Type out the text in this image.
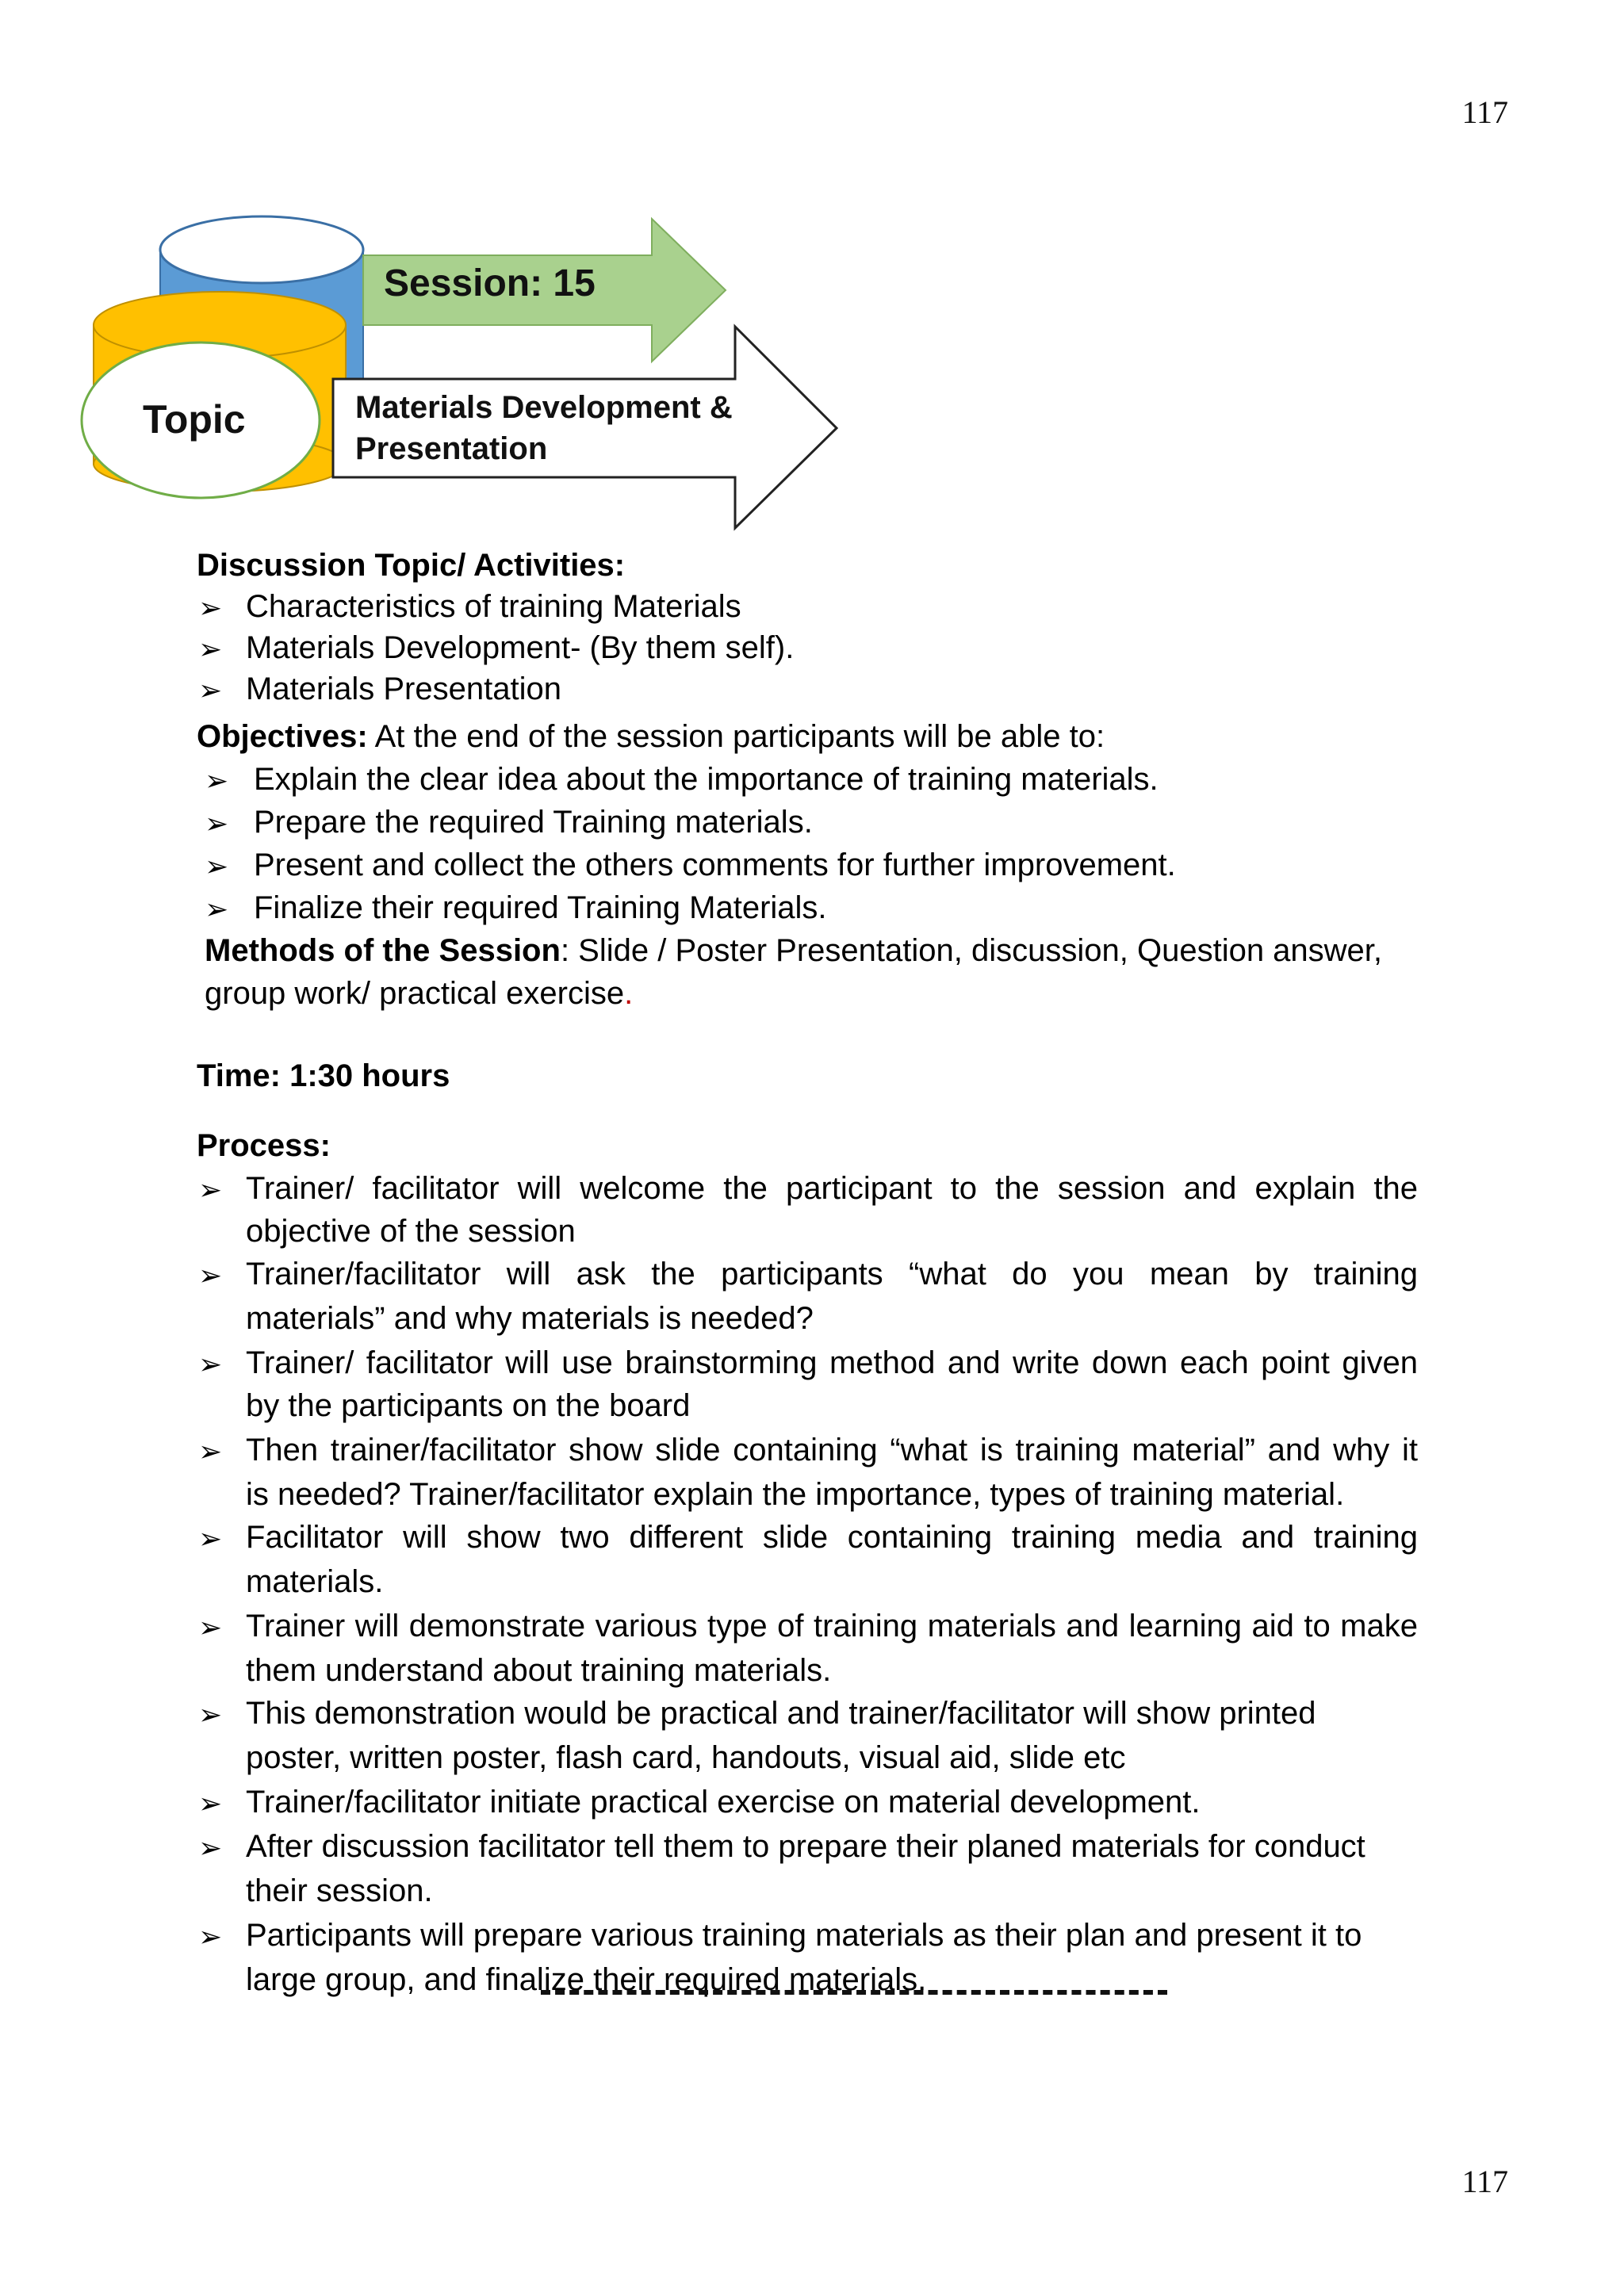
117
117
Session: 15
Topic	Materials Development &
Presentation
Discussion Topic/ Activities:
➢ Characteristics of training Materials
➢ Materials Development- (By them self).
➢ Materials Presentation
Objectives: At the end of the session participants will be able to:
➢ Explain the clear idea about the importance of training materials.
➢ Prepare the required Training materials.
➢ Present and collect the others comments for further improvement.
➢ Finalize their required Training Materials.
Methods of the Session: Slide / Poster Presentation, discussion, Question answer,
group work/ practical exercise.
Time: 1:30 hours
Process:
➢ Trainer/ facilitator will welcome the participant to the session and explain the
objective of the session
➢ Trainer/facilitator will ask the participants “what do you mean by training
materials” and why materials is needed?
➢ Trainer/ facilitator will use brainstorming method and write down each point given
by the participants on the board
➢ Then trainer/facilitator show slide containing “what is training material” and why it
is needed? Trainer/facilitator explain the importance, types of training material.
➢ Facilitator will show two different slide containing training media and training
materials.
➢ Trainer will demonstrate various type of training materials and learning aid to make
them understand about training materials.
➢ This demonstration would be practical and trainer/facilitator will show printed
poster, written poster, flash card, handouts, visual aid, slide etc
➢ Trainer/facilitator initiate practical exercise on material development.
➢ After discussion facilitator tell them to prepare their planed materials for conduct
their session.
➢ Participants will prepare various training materials as their plan and present it to
large group, and finalize their required materials.
